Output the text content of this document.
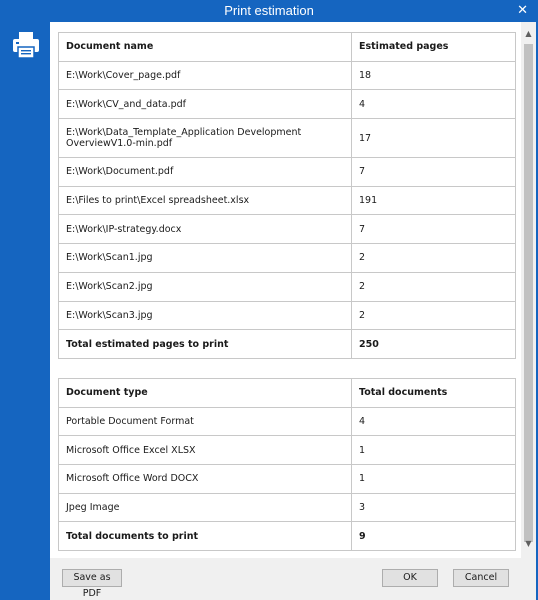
Print estimation	✕
Document name	Estimated pages
E:\Work\Cover_page.pdf	18
E:\Work\CV_and_data.pdf	4
E:\Work\Data_Template_Application Development OverviewV1.0-min.pdf	17
E:\Work\Document.pdf	7
E:\Files to print\Excel spreadsheet.xlsx	191
E:\Work\IP-strategy.docx	7
E:\Work\Scan1.jpg	2
E:\Work\Scan2.jpg	2
E:\Work\Scan3.jpg	2
Total estimated pages to print	250
Document type	Total documents
Portable Document Format	4
Microsoft Office Excel XLSX	1
Microsoft Office Word DOCX	1
Jpeg Image	3
Total documents to print	9
▲
▼
Save as PDF
OK	Cancel
